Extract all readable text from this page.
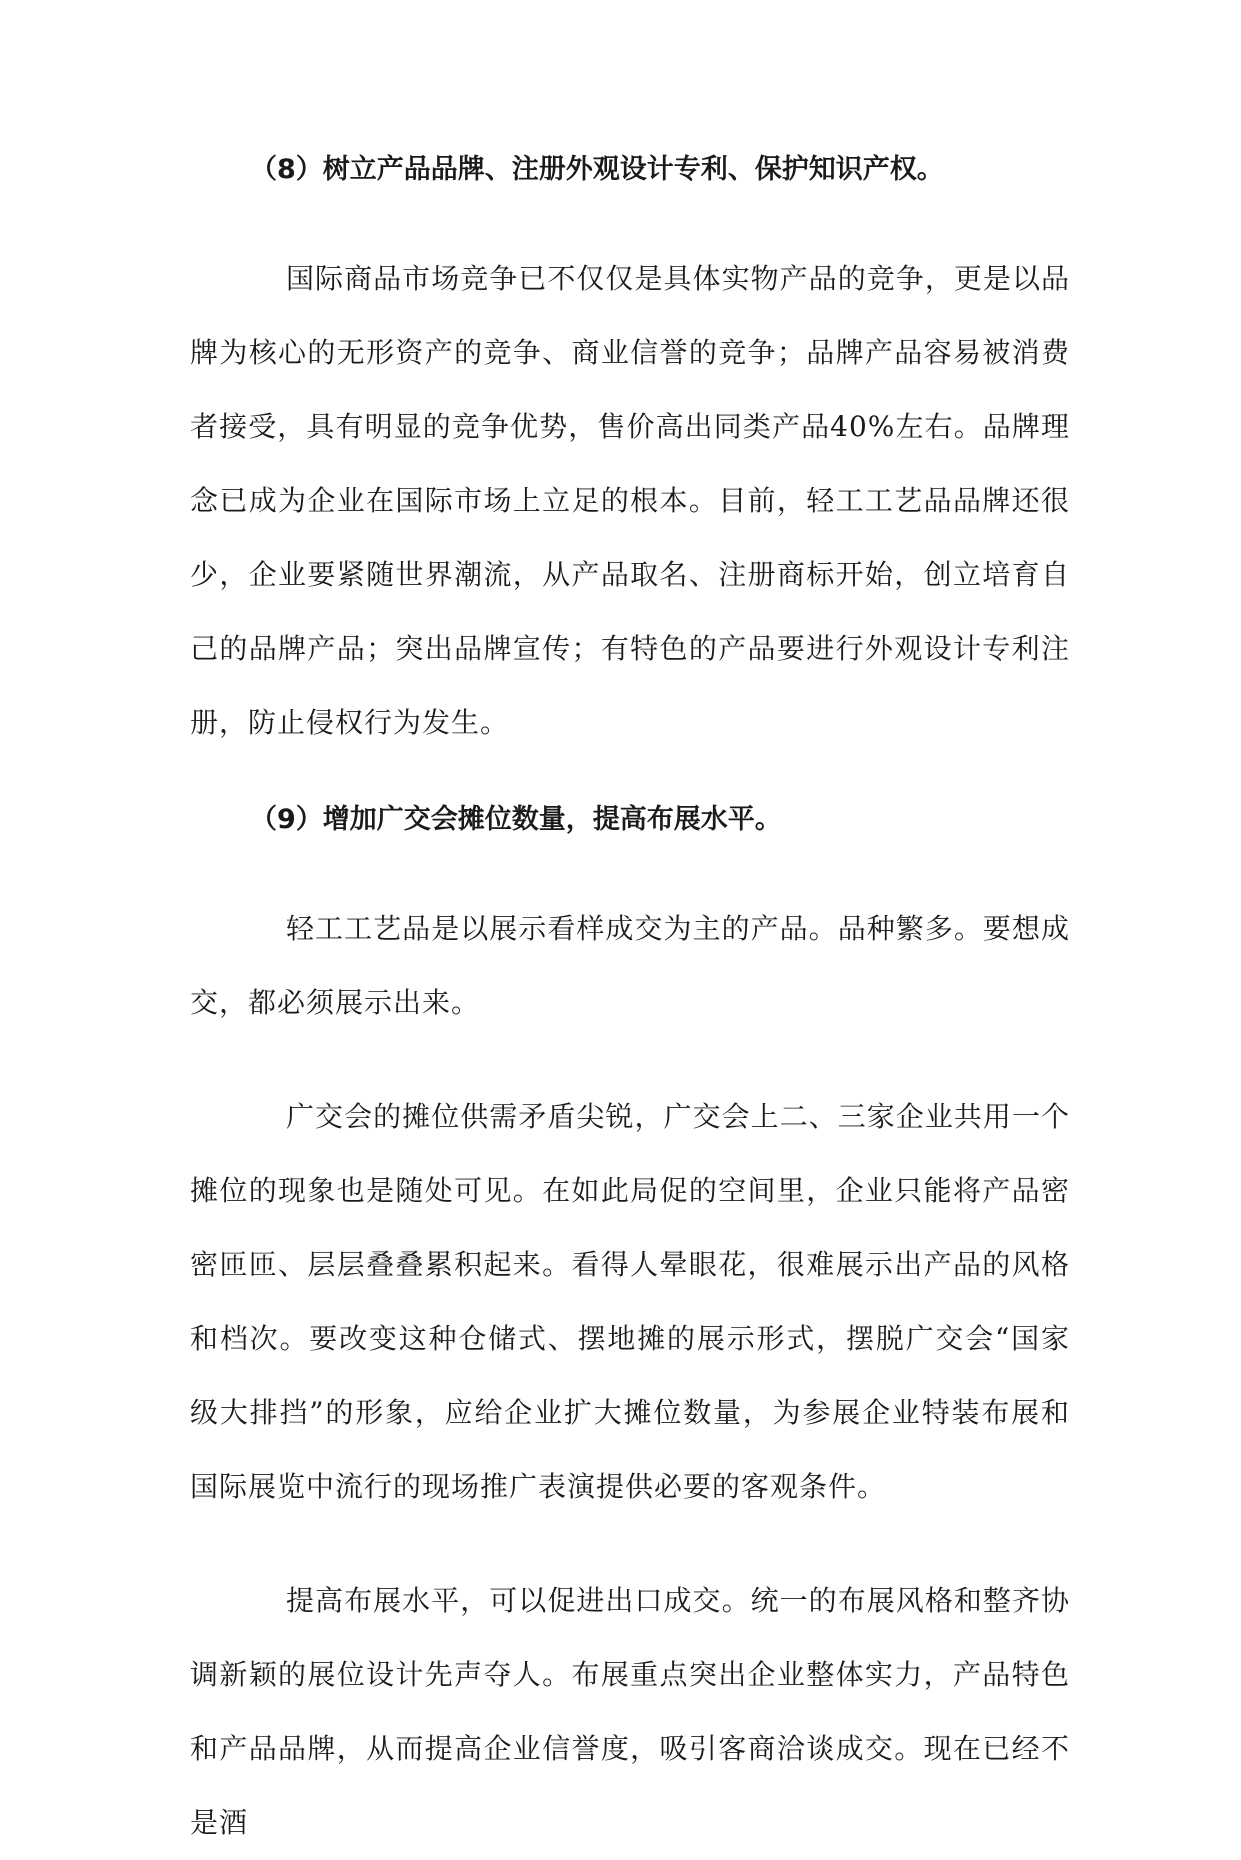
（8）树立产品品牌、注册外观设计专利、保护知识产权。

国际商品市场竞争已不仅仅是具体实物产品的竞争，更是以品牌为核心的无形资产的竞争、商业信誉的竞争；品牌产品容易被消费者接受，具有明显的竞争优势，售价高出同类产品40%左右。品牌理念已成为企业在国际市场上立足的根本。目前，轻工工艺品品牌还很少，企业要紧随世界潮流，从产品取名、注册商标开始，创立培育自己的品牌产品；突出品牌宣传；有特色的产品要进行外观设计专利注册，防止侵权行为发生。

（9）增加广交会摊位数量，提高布展水平。

轻工工艺品是以展示看样成交为主的产品。品种繁多。要想成交，都必须展示出来。

广交会的摊位供需矛盾尖锐，广交会上二、三家企业共用一个摊位的现象也是随处可见。在如此局促的空间里，企业只能将产品密密匝匝、层层叠叠累积起来。看得人晕眼花，很难展示出产品的风格和档次。要改变这种仓储式、摆地摊的展示形式，摆脱广交会“国家级大排挡”的形象，应给企业扩大摊位数量，为参展企业特装布展和国际展览中流行的现场推广表演提供必要的客观条件。

提高布展水平，可以促进出口成交。统一的布展风格和整齐协调新颖的展位设计先声夺人。布展重点突出企业整体实力，产品特色和产品品牌，从而提高企业信誉度，吸引客商洽谈成交。现在已经不是酒
